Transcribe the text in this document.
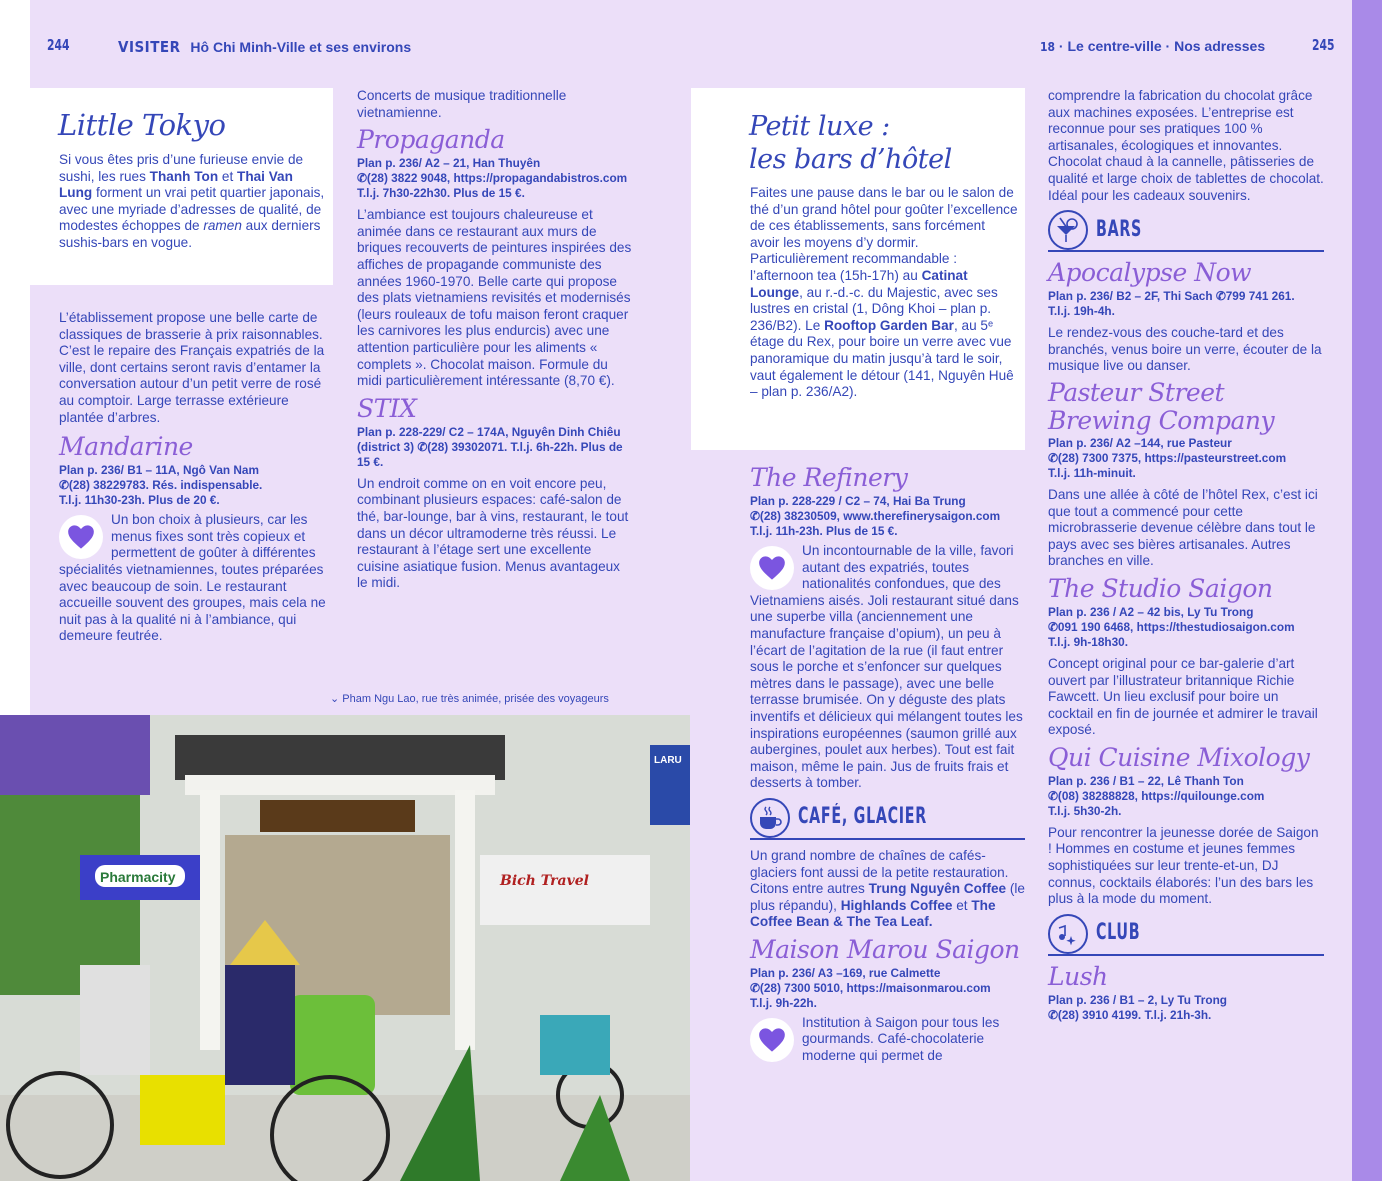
244	VISITER Hô Chi Minh-Ville et ses environs	18 · Le centre-ville · Nos adresses	245
Little Tokyo
Si vous êtes pris d’une furieuse envie de sushi, les rues Thanh Ton et Thai Van Lung forment un vrai petit quartier japonais, avec une myriade d’adresses de qualité, de modestes échoppes de ramen aux derniers sushis-bars en vogue.

L’établissement propose une belle carte de classiques de brasserie à prix raisonnables. C’est le repaire des Français expatriés de la ville, dont certains seront ravis d’entamer la conversation autour d’un petit verre de rosé au comptoir. Large terrasse extérieure plantée d’arbres.

Mandarine
Plan p. 236/ B1 – 11A, Ngô Van Nam
✆(28) 38229783. Rés. indispensable.
T.l.j. 11h30-23h. Plus de 20 €.
Un bon choix à plusieurs, car les menus fixes sont très copieux et permettent de goûter à différentes spécialités vietnamiennes, toutes préparées avec beaucoup de soin. Le restaurant accueille souvent des groupes, mais cela ne nuit pas à la qualité ni à l’ambiance, qui demeure feutrée.

Concerts de musique traditionnelle vietnamienne.

Propaganda
Plan p. 236/ A2 – 21, Han Thuyên
✆(28) 3822 9048, https://propagandabistros.com T.l.j. 7h30-22h30. Plus de 15 €.

L’ambiance est toujours chaleureuse et animée dans ce restaurant aux murs de briques recouverts de peintures inspirées des affiches de propagande communiste des années 1960-1970. Belle carte qui propose des plats vietnamiens revisités et modernisés (leurs rouleaux de tofu maison feront craquer les carnivores les plus endurcis) avec une attention particulière pour les aliments « complets ». Chocolat maison. Formule du midi particulièrement intéressante (8,70 €).

STIX
Plan p. 228-229/ C2 – 174A, Nguyên Dinh Chiêu (district 3) ✆(28) 39302071. T.l.j. 6h-22h. Plus de 15 €.

Un endroit comme on en voit encore peu, combinant plusieurs espaces: café-salon de thé, bar-lounge, bar à vins, restaurant, le tout dans un décor ultramoderne très réussi. Le restaurant à l’étage sert une excellente cuisine asiatique fusion. Menus avantageux le midi.

⌄ Pham Ngu Lao, rue très animée, prisée des voyageurs
Pharmacity	Bich Travel
LARU
Petit luxe :
les bars d’hôtel
Faites une pause dans le bar ou le salon de thé d’un grand hôtel pour goûter l’excellence de ces établissements, sans forcément avoir les moyens d’y dormir. Particulièrement recommandable : l’afternoon tea (15h-17h) au Catinat Lounge, au r.-d.-c. du Majestic, avec ses lustres en cristal (1, Dông Khoi – plan p. 236/B2). Le Rooftop Garden Bar, au 5ᵉ étage du Rex, pour boire un verre avec vue panoramique du matin jusqu’à tard le soir, vaut également le détour (141, Nguyên Huê – plan p. 236/A2).
The Refinery
Plan p. 228-229 / C2 – 74, Hai Ba Trung
✆(28) 38230509, www.therefinerysaigon.com T.l.j. 11h-23h. Plus de 15 €.
Un incontournable de la ville, favori autant des expatriés, toutes nationalités confondues, que des Vietnamiens aisés. Joli restaurant situé dans une superbe villa (anciennement une manufacture française d’opium), un peu à l’écart de l’agitation de la rue (il faut entrer sous le porche et s’enfoncer sur quelques mètres dans le passage), avec une belle terrasse brumisée. On y déguste des plats inventifs et délicieux qui mélangent toutes les inspirations européennes (saumon grillé aux aubergines, poulet aux herbes). Tout est fait maison, même le pain. Jus de fruits frais et desserts à tomber.
CAFÉ, GLACIER
Un grand nombre de chaînes de cafés-glaciers font aussi de la petite restauration. Citons entre autres Trung Nguyên Coffee (le plus répandu), Highlands Coffee et The Coffee Bean & The Tea Leaf.
Maison Marou Saigon
Plan p. 236/ A3 –169, rue Calmette
✆(28) 7300 5010, https://maisonmarou.com
T.l.j. 9h-22h.
Institution à Saigon pour tous les gourmands. Café-chocolaterie moderne qui permet de

comprendre la fabrication du chocolat grâce aux machines exposées. L’entreprise est reconnue pour ses pratiques 100 % artisanales, écologiques et innovantes. Chocolat chaud à la cannelle, pâtisseries de qualité et large choix de tablettes de chocolat. Idéal pour les cadeaux souvenirs.

BARS
Apocalypse Now
Plan p. 236/ B2 – 2F, Thi Sach ✆799 741 261.
T.l.j. 19h-4h.

Le rendez-vous des couche-tard et des branchés, venus boire un verre, écouter de la musique live ou danser.

Pasteur Street Brewing Company
Plan p. 236/ A2 –144, rue Pasteur
✆(28) 7300 7375, https://pasteurstreet.com
T.l.j. 11h-minuit.

Dans une allée à côté de l’hôtel Rex, c’est ici que tout a commencé pour cette microbrasserie devenue célèbre dans tout le pays avec ses bières artisanales. Autres branches en ville.

The Studio Saigon
Plan p. 236 / A2 – 42 bis, Ly Tu Trong
✆091 190 6468, https://thestudiosaigon.com
T.l.j. 9h-18h30.

Concept original pour ce bar-galerie d’art ouvert par l’illustrateur britannique Richie Fawcett. Un lieu exclusif pour boire un cocktail en fin de journée et admirer le travail exposé.

Qui Cuisine Mixology
Plan p. 236 / B1 – 22, Lê Thanh Ton
✆(08) 38288828, https://quilounge.com
T.l.j. 5h30-2h.

Pour rencontrer la jeunesse dorée de Saigon ! Hommes en costume et jeunes femmes sophistiquées sur leur trente-et-un, DJ connus, cocktails élaborés: l’un des bars les plus à la mode du moment.

CLUB
Lush
Plan p. 236 / B1 – 2, Ly Tu Trong
✆(28) 3910 4199. T.l.j. 21h-3h.
